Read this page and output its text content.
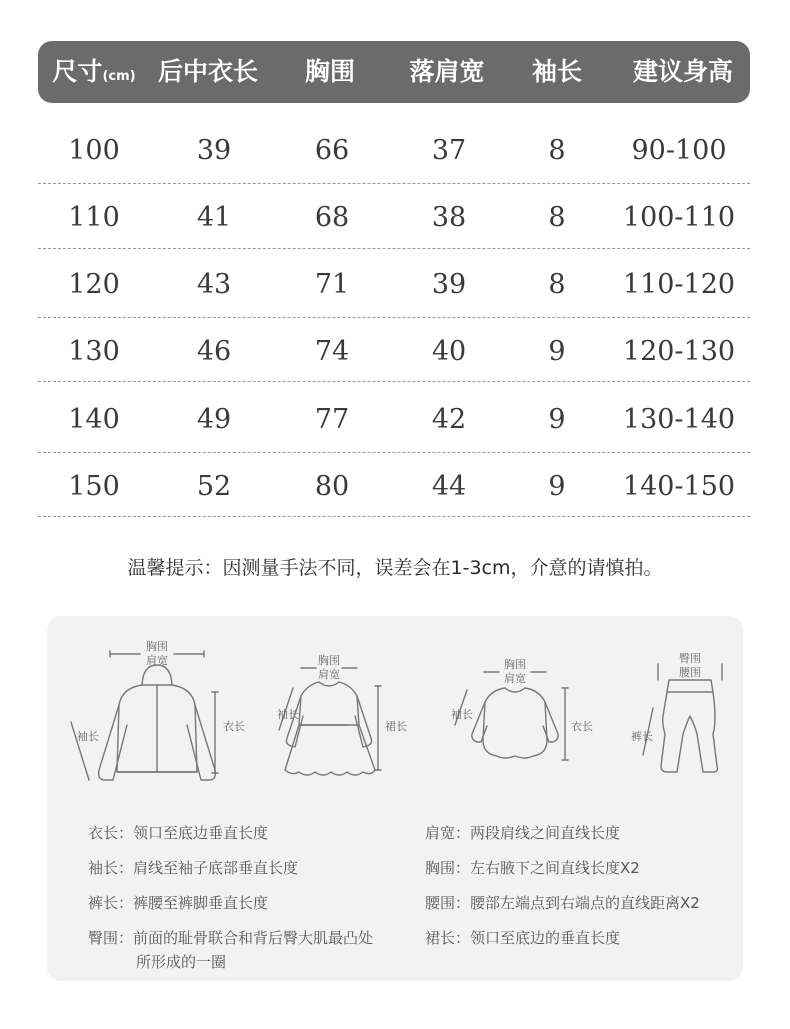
尺寸(cm) 后中衣长 胸围 落肩宽 袖长 建议身高
100	39	66	37	8 90-100
110	41	68	38	8 100-110
120	43	71	39	8 110-120
130	46	74	40	9 120-130
140	49	77	42	9 130-140
150	52	80	44	9 140-150
温馨提示：因测量手法不同，误差会在1-3cm，介意的请慎拍。
胸围
肩宽
袖长
衣长
胸围
肩宽
袖长
裙长
胸围
肩宽
袖长
衣长
臀围
腰围
裤长
衣长：领口至底边垂直长度	肩宽：两段肩线之间直线长度
袖长：肩线至袖子底部垂直长度	胸围：左右腋下之间直线长度X2
裤长：裤腰至裤脚垂直长度	腰围：腰部左端点到右端点的直线距离X2
臀围：前面的耻骨联合和背后臀大肌最凸处
所形成的一圈
裙长：领口至底边的垂直长度
